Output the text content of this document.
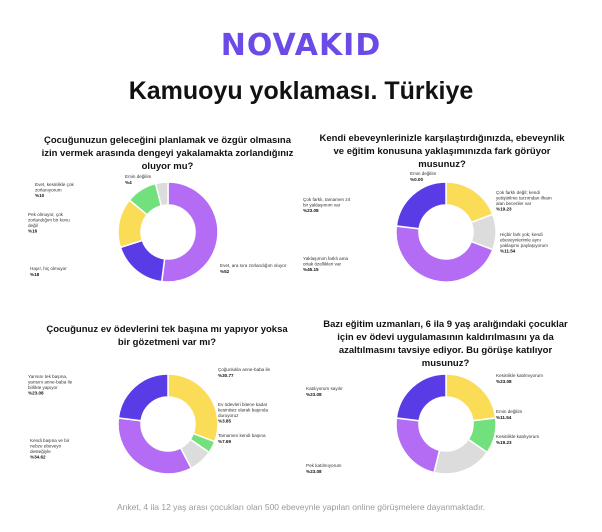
NOVAKID
Kamuoyu yoklaması. Türkiye
Çocuğunuzun geleceğini planlamak ve özgür olmasına izin vermek arasında dengeyi yakalamakta zorlandığınız oluyor mu?
Evet, ara sıra zorlandığım oluyor %52
Hayır, hiç olmuyor %18
Pek olmuyor, çok zorlandığım bir konu değil %16
Evet, kesinlikle çok zorlanıyorum %10
Emin değilim %4
Kendi ebeveynlerinizle karşılaştırdığınızda, ebeveynlik ve eğitim konusuna yaklaşımınızda fark görüyor musunuz?
Emin değilim %0.00
Çok farklı değil; kendi yetiştirilme tarzımdan ilham alan beceriler var %19.23
Hiçbir fark yok; kendi ebeveynlerimle aynı yaklaşımı paylaşıyorum %11.54
Yaklaşımım farklı ama ortak özellikleri var %46.15
Çok farklı, tamamen zıt bir yaklaşımım var %23.08
Çocuğunuz ev ödevlerini tek başına mı yapıyor yoksa bir gözetmeni var mı?
Çoğunlukla anne-baba ile %30.77
Ev ödevleri bitene kadar kesintisiz olarak başında duruyoruz %3.85
Tamamen kendi başına %7.69
Kendi başına ve bir nebze ebeveyn desteğiyle %34.62
Yarısını tek başına, yarısını anne-baba ile birlikte yapıyor %23.08
Bazı eğitim uzmanları, 6 ila 9 yaş aralığındaki çocuklar için ev ödevi uygulamasının kaldırılmasını ya da azaltılmasını tavsiye ediyor. Bu görüşe katılıyor musunuz?
Kesinlikle katılmıyorum %23.08
Emin değilim %11.54
Kesinlikle katılıyorum %19.23
Pek katılmıyorum %23.08
Katılıyorum sayılır %23.08
Anket, 4 ila 12 yaş arası çocukları olan 500 ebeveynle yapılan online görüşmelere dayanmaktadır.
